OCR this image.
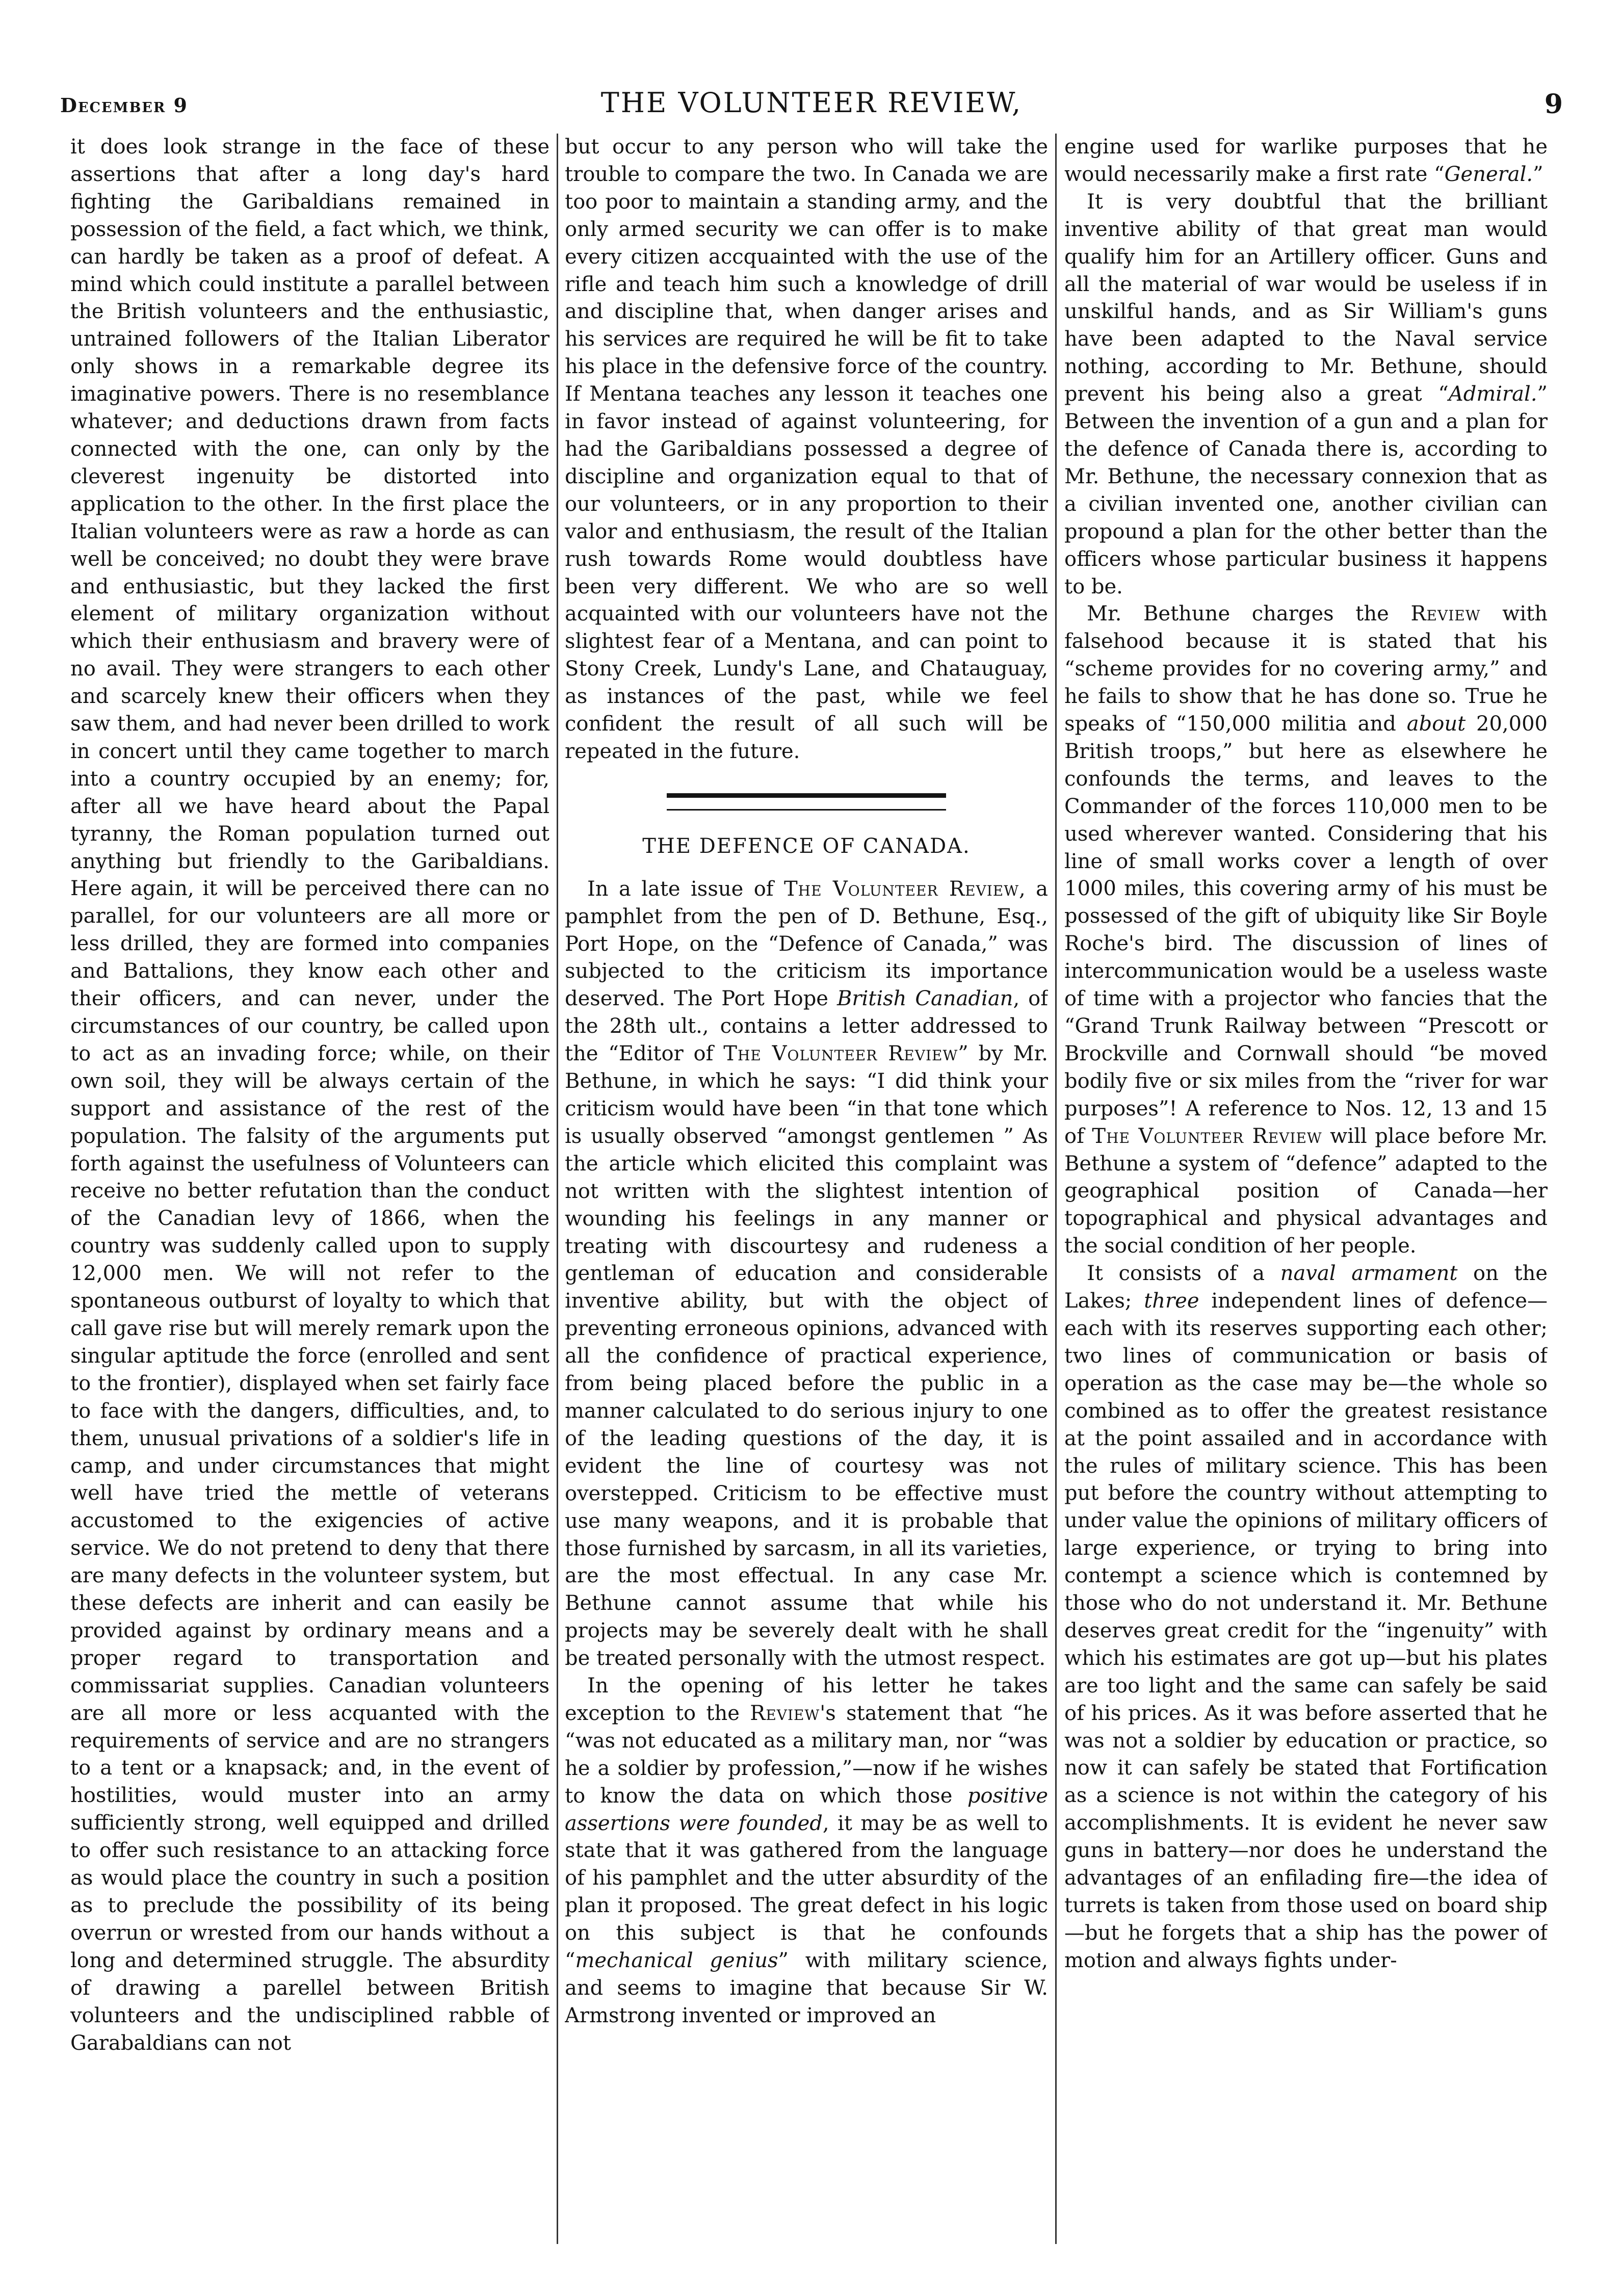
December 9	THE VOLUNTEER REVIEW,	9

it does look strange in the face of these assertions that after a long day's hard fighting the Garibaldians remained in possession of the field, a fact which, we think, can hardly be taken as a proof of defeat. A mind which could institute a parallel between the British volunteers and the enthusiastic, untrained followers of the Italian Liberator only shows in a remarkable degree its imaginative powers. There is no resemblance whatever; and deductions drawn from facts connected with the one, can only by the cleverest ingenuity be distorted into application to the other. In the first place the Italian volunteers were as raw a horde as can well be conceived; no doubt they were brave and enthusiastic, but they lacked the first element of military organization without which their enthusiasm and bravery were of no avail. They were strangers to each other and scarcely knew their officers when they saw them, and had never been drilled to work in concert until they came together to march into a country occupied by an enemy; for, after all we have heard about the Papal tyranny, the Roman population turned out anything but friendly to the Garibaldians. Here again, it will be perceived there can no parallel, for our volunteers are all more or less drilled, they are formed into companies and Battalions, they know each other and their officers, and can never, under the circumstances of our country, be called upon to act as an invading force; while, on their own soil, they will be always certain of the support and assistance of the rest of the population. The falsity of the arguments put forth against the usefulness of Volunteers can receive no better refutation than the conduct of the Canadian levy of 1866, when the country was suddenly called upon to supply 12,000 men. We will not refer to the spontaneous outburst of loyalty to which that call gave rise but will merely remark upon the singular aptitude the force (enrolled and sent to the frontier), displayed when set fairly face to face with the dangers, difficulties, and, to them, unusual privations of a soldier's life in camp, and under circumstances that might well have tried the mettle of veterans accustomed to the exigencies of active service. We do not pretend to deny that there are many defects in the volunteer system, but these defects are inherit and can easily be provided against by ordinary means and a proper regard to transportation and commissariat supplies. Canadian volunteers are all more or less acquanted with the requirements of service and are no strangers to a tent or a knapsack; and, in the event of hostilities, would muster into an army sufficiently strong, well equipped and drilled to offer such resistance to an attacking force as would place the country in such a position as to preclude the possibility of its being overrun or wrested from our hands without a long and determined struggle. The absurdity of drawing a parellel between British volunteers and the undisciplined rabble of Garabaldians can not

but occur to any person who will take the trouble to compare the two. In Canada we are too poor to maintain a standing army, and the only armed security we can offer is to make every citizen accquainted with the use of the rifle and teach him such a knowledge of drill and discipline that, when danger arises and his services are required he will be fit to take his place in the defensive force of the country. If Mentana teaches any lesson it teaches one in favor instead of against volunteering, for had the Garibaldians possessed a degree of discipline and organization equal to that of our volunteers, or in any proportion to their valor and enthusiasm, the result of the Italian rush towards Rome would doubtless have been very different. We who are so well acquainted with our volunteers have not the slightest fear of a Mentana, and can point to Stony Creek, Lundy's Lane, and Chatauguay, as instances of the past, while we feel confident the result of all such will be repeated in the future.

THE DEFENCE OF CANADA.

In a late issue of The Volunteer Review, a pamphlet from the pen of D. Bethune, Esq., Port Hope, on the “Defence of Canada,” was subjected to the criticism its importance deserved. The Port Hope British Canadian, of the 28th ult., contains a letter addressed to the “Editor of The Volunteer Review” by Mr. Bethune, in which he says: “I did think your criticism would have been “in that tone which is usually observed “amongst gentlemen ” As the article which elicited this complaint was not written with the slightest intention of wounding his feelings in any manner or treating with discourtesy and rudeness a gentleman of education and considerable inventive ability, but with the object of preventing erroneous opinions, advanced with all the confidence of practical experience, from being placed before the public in a manner calculated to do serious injury to one of the leading questions of the day, it is evident the line of courtesy was not overstepped. Criticism to be effective must use many weapons, and it is probable that those furnished by sarcasm, in all its varieties, are the most effectual. In any case Mr. Bethune cannot assume that while his projects may be severely dealt with he shall be treated personally with the utmost respect.

In the opening of his letter he takes exception to the Review's statement that “he “was not educated as a military man, nor “was he a soldier by profession,”—now if he wishes to know the data on which those positive assertions were founded, it may be as well to state that it was gathered from the language of his pamphlet and the utter absurdity of the plan it proposed. The great defect in his logic on this subject is that he confounds “mechanical genius” with military science, and seems to imagine that because Sir W. Armstrong invented or improved an

engine used for warlike purposes that he would necessarily make a first rate “General.”

It is very doubtful that the brilliant inventive ability of that great man would qualify him for an Artillery officer. Guns and all the material of war would be useless if in unskilful hands, and as Sir William's guns have been adapted to the Naval service nothing, according to Mr. Bethune, should prevent his being also a great “Admiral.” Between the invention of a gun and a plan for the defence of Canada there is, according to Mr. Bethune, the necessary connexion that as a civilian invented one, another civilian can propound a plan for the other better than the officers whose particular business it happens to be.

Mr. Bethune charges the Review with falsehood because it is stated that his “scheme provides for no covering army,” and he fails to show that he has done so. True he speaks of “150,000 militia and about 20,000 British troops,” but here as elsewhere he confounds the terms, and leaves to the Commander of the forces 110,000 men to be used wherever wanted. Considering that his line of small works cover a length of over 1000 miles, this covering army of his must be possessed of the gift of ubiquity like Sir Boyle Roche's bird. The discussion of lines of intercommunication would be a useless waste of time with a projector who fancies that the “Grand Trunk Railway between “Prescott or Brockville and Cornwall should “be moved bodily five or six miles from the “river for war purposes”! A reference to Nos. 12, 13 and 15 of The Volunteer Review will place before Mr. Bethune a system of “defence” adapted to the geographical position of Canada—her topographical and physical advantages and the social condition of her people.

It consists of a naval armament on the Lakes; three independent lines of defence—each with its reserves supporting each other; two lines of communication or basis of operation as the case may be—the whole so combined as to offer the greatest resistance at the point assailed and in accordance with the rules of military science. This has been put before the country without attempting to under value the opinions of military officers of large experience, or trying to bring into contempt a science which is contemned by those who do not understand it. Mr. Bethune deserves great credit for the “ingenuity” with which his estimates are got up—but his plates are too light and the same can safely be said of his prices. As it was before asserted that he was not a soldier by education or practice, so now it can safely be stated that Fortification as a science is not within the category of his accomplishments. It is evident he never saw guns in battery—nor does he understand the advantages of an enfilading fire—the idea of turrets is taken from those used on board ship—but he forgets that a ship has the power of motion and always fights under-
